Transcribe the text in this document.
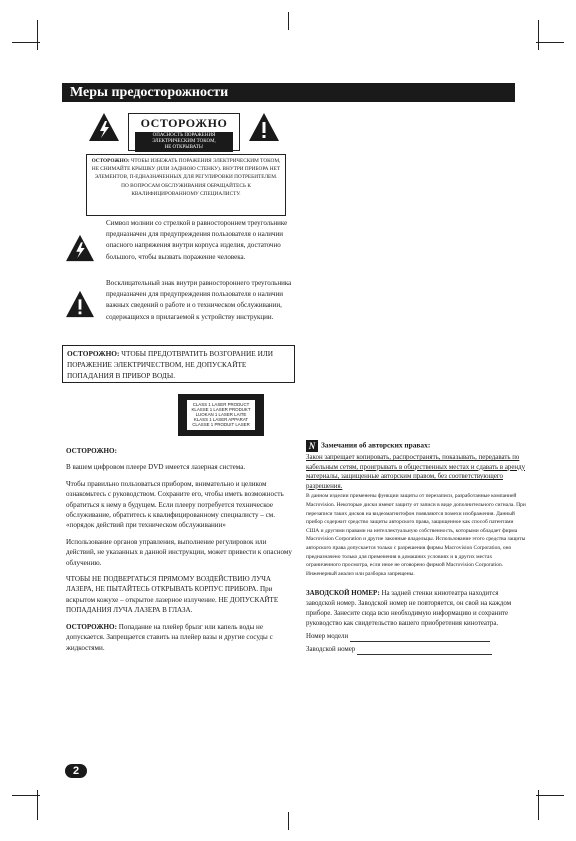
Меры предосторожности
ОСТОРОЖНО
ОПАСНОСТЬ ПОРАЖЕНИЯ
ЭЛЕКТРИЧЕСКИМ ТОКОМ,
НЕ ОТКРЫВАТЬ!
ОСТОРОЖНО: ЧТОБЫ ИЗБЕЖАТЬ ПОРАЖЕНИЯ ЭЛЕКТРИЧЕСКИМ ТОКОМ, НЕ СНИМАЙТЕ КРЫШКУ (ИЛИ ЗАДНЮЮ СТЕНКУ). ВНУТРИ ПРИБОРА НЕТ ЭЛЕМЕНТОВ, П-ЕДНАЗНАЧЕННЫХ ДЛЯ РЕГУЛИРОВКИ ПОТРЕБИТЕЛЕМ. ПО ВОПРОСАМ ОБСЛУЖИВАНИЯ ОБРАЩАЙТЕСЬ К КВАЛИФИЦИРОВАННОМУ СПЕЦИАЛИСТУ.
Символ молнии со стрелкой в равностороннем треугольнике предназначен для предупреждения пользователя о наличии опасного напряжения внутри корпуса изделия, достаточно большого, чтобы вызвать поражение человека.
Восклицательный знак внутри равностороннего треугольника предназначен для предупреждения пользователя о наличии важных сведений о работе и о техническом обслуживании, содержащихся в прилагаемой к устройству инструкции.
ОСТОРОЖНО: ЧТОБЫ ПРЕДОТВРАТИТЬ ВОЗГОРАНИЕ ИЛИ ПОРАЖЕНИЕ ЭЛЕКТРИЧЕСТВОМ, НЕ ДОПУСКАЙТЕ ПОПАДАНИЯ В ПРИБОР ВОДЫ.
CLASS 1 LASER PRODUCT
KLASSE 1 LASER PRODUKT
LUOKAN 1 LASER LAITE
KLASS 1 LASER APPARAT
CLASSE 1 PRODUIT LASER

ОСТОРОЖНО:

В вашем цифровом плеере DVD имеется лазерная система.

Чтобы правильно пользоваться прибором, внимательно и целиком ознакомьтесь с руководством. Сохраните его, чтобы иметь возможность обратиться к нему в будущем. Если плееру потребуется техническое обслуживание, обратитесь к квалифицированному специалисту – см. «порядок действий при техническом обслуживании»

Использование органов управления, выполнение регулировок или действий, не указанных в данной инструкции, может привести к опасному облучению.

ЧТОБЫ НЕ ПОДВЕРГАТЬСЯ ПРЯМОМУ ВОЗДЕЙСТВИЮ ЛУЧА ЛАЗЕРА, НЕ ПЫТАЙТЕСЬ ОТКРЫВАТЬ КОРПУС ПРИБОРА. При вскрытом кожухе – открытое лазерное излучение. НЕ ДОПУСКАЙТЕ ПОПАДАНИЯ ЛУЧА ЛАЗЕРА В ГЛАЗА.

ОСТОРОЖНО: Попадание на плейер брызг или капель воды не допускается. Запрещается ставить на плейер вазы и другие сосуды с жидкостями.

N Замечания об авторских правах:
Закон запрещает копировать, распространять, показывать, передавать по кабельным сетям, проигрывать в общественных местах и сдавать в аренду материалы, защищенные авторским правом, без соответствующего разрешения.
В данном изделии применены функции защиты от перезаписи, разработанные компанией Macrovision. Некоторые диски имеют защиту от записи в виде дополнительного сигнала. При перезаписи таких дисков на видеомагнитофон появляются помехи изображения. Данный прибор содержит средство защиты авторского права, защищенное как способ патентами США и другими правами на интеллектуальную собственность, которыми обладает фирма Macrovision Corporation и другие законные владельцы. Использование этого средства защиты авторского права допускается только с разрешения фирмы Macrovision Corporation, оно предназначено только для применения в домашних условиях и в других местах ограниченного просмотра, если иное не оговорено фирмой Macrovision Corporation. Инженерный анализ или разборка запрещены.
ЗАВОДСКОЙ НОМЕР: На задней стенки кинотеатра находится заводской номер. Заводской номер не повторяется, он свой на каждом приборе. Занесите сюда всю необходимую информацию и сохраните руководство как свидетельство вашего приобретения кинотеатра.
Номер модели
Заводской номер
2
